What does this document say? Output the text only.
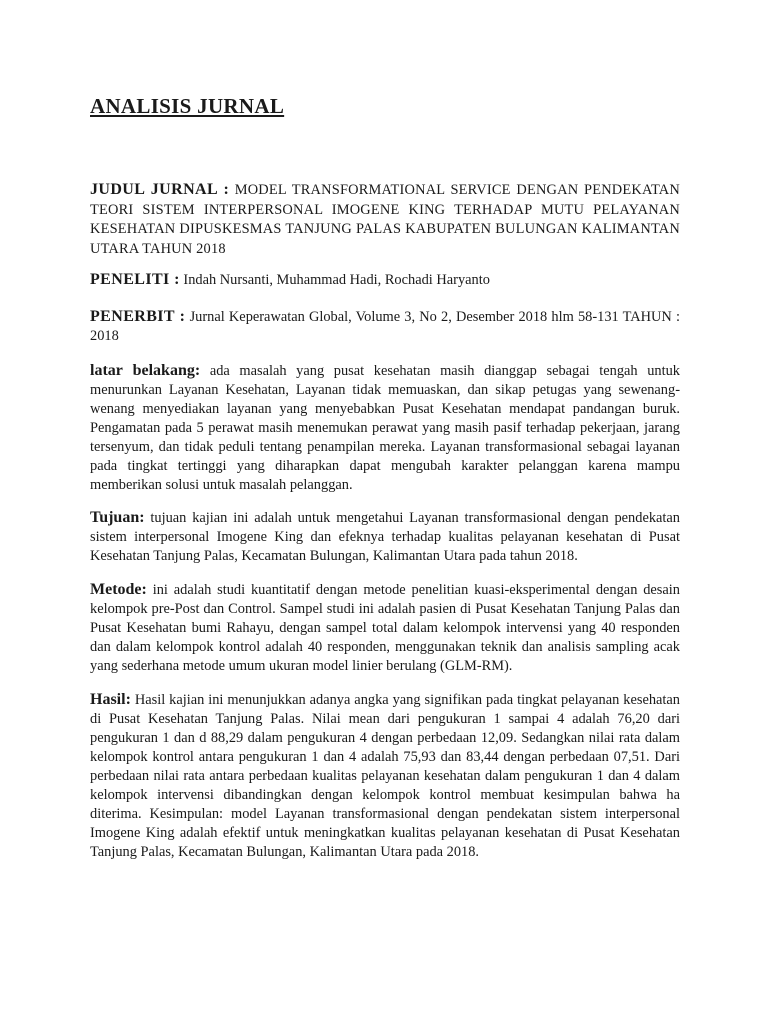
ANALISIS JURNAL
JUDUL JURNAL : MODEL TRANSFORMATIONAL SERVICE DENGAN PENDEKATAN TEORI SISTEM INTERPERSONAL IMOGENE KING TERHADAP MUTU PELAYANAN KESEHATAN DIPUSKESMAS TANJUNG PALAS KABUPATEN BULUNGAN KALIMANTAN UTARA TAHUN 2018
PENELITI : Indah Nursanti, Muhammad Hadi, Rochadi Haryanto
PENERBIT : Jurnal Keperawatan Global, Volume 3, No 2, Desember 2018 hlm 58-131 TAHUN : 2018
latar belakang: ada masalah yang pusat kesehatan masih dianggap sebagai tengah untuk menurunkan Layanan Kesehatan, Layanan tidak memuaskan, dan sikap petugas yang sewenang-wenang menyediakan layanan yang menyebabkan Pusat Kesehatan mendapat pandangan buruk. Pengamatan pada 5 perawat masih menemukan perawat yang masih pasif terhadap pekerjaan, jarang tersenyum, dan tidak peduli tentang penampilan mereka. Layanan transformasional sebagai layanan pada tingkat tertinggi yang diharapkan dapat mengubah karakter pelanggan karena mampu memberikan solusi untuk masalah pelanggan.
Tujuan: tujuan kajian ini adalah untuk mengetahui Layanan transformasional dengan pendekatan sistem interpersonal Imogene King dan efeknya terhadap kualitas pelayanan kesehatan di Pusat Kesehatan Tanjung Palas, Kecamatan Bulungan, Kalimantan Utara pada tahun 2018.
Metode: ini adalah studi kuantitatif dengan metode penelitian kuasi-eksperimental dengan desain kelompok pre-Post dan Control. Sampel studi ini adalah pasien di Pusat Kesehatan Tanjung Palas dan Pusat Kesehatan bumi Rahayu, dengan sampel total dalam kelompok intervensi yang 40 responden dan dalam kelompok kontrol adalah 40 responden, menggunakan teknik dan analisis sampling acak yang sederhana metode umum ukuran model linier berulang (GLM-RM).
Hasil: Hasil kajian ini menunjukkan adanya angka yang signifikan pada tingkat pelayanan kesehatan di Pusat Kesehatan Tanjung Palas. Nilai mean dari pengukuran 1 sampai 4 adalah 76,20 dari pengukuran 1 dan d 88,29 dalam pengukuran 4 dengan perbedaan 12,09. Sedangkan nilai rata dalam kelompok kontrol antara pengukuran 1 dan 4 adalah 75,93 dan 83,44 dengan perbedaan 07,51. Dari perbedaan nilai rata antara perbedaan kualitas pelayanan kesehatan dalam pengukuran 1 dan 4 dalam kelompok intervensi dibandingkan dengan kelompok kontrol membuat kesimpulan bahwa ha diterima. Kesimpulan: model Layanan transformasional dengan pendekatan sistem interpersonal Imogene King adalah efektif untuk meningkatkan kualitas pelayanan kesehatan di Pusat Kesehatan Tanjung Palas, Kecamatan Bulungan, Kalimantan Utara pada 2018.
